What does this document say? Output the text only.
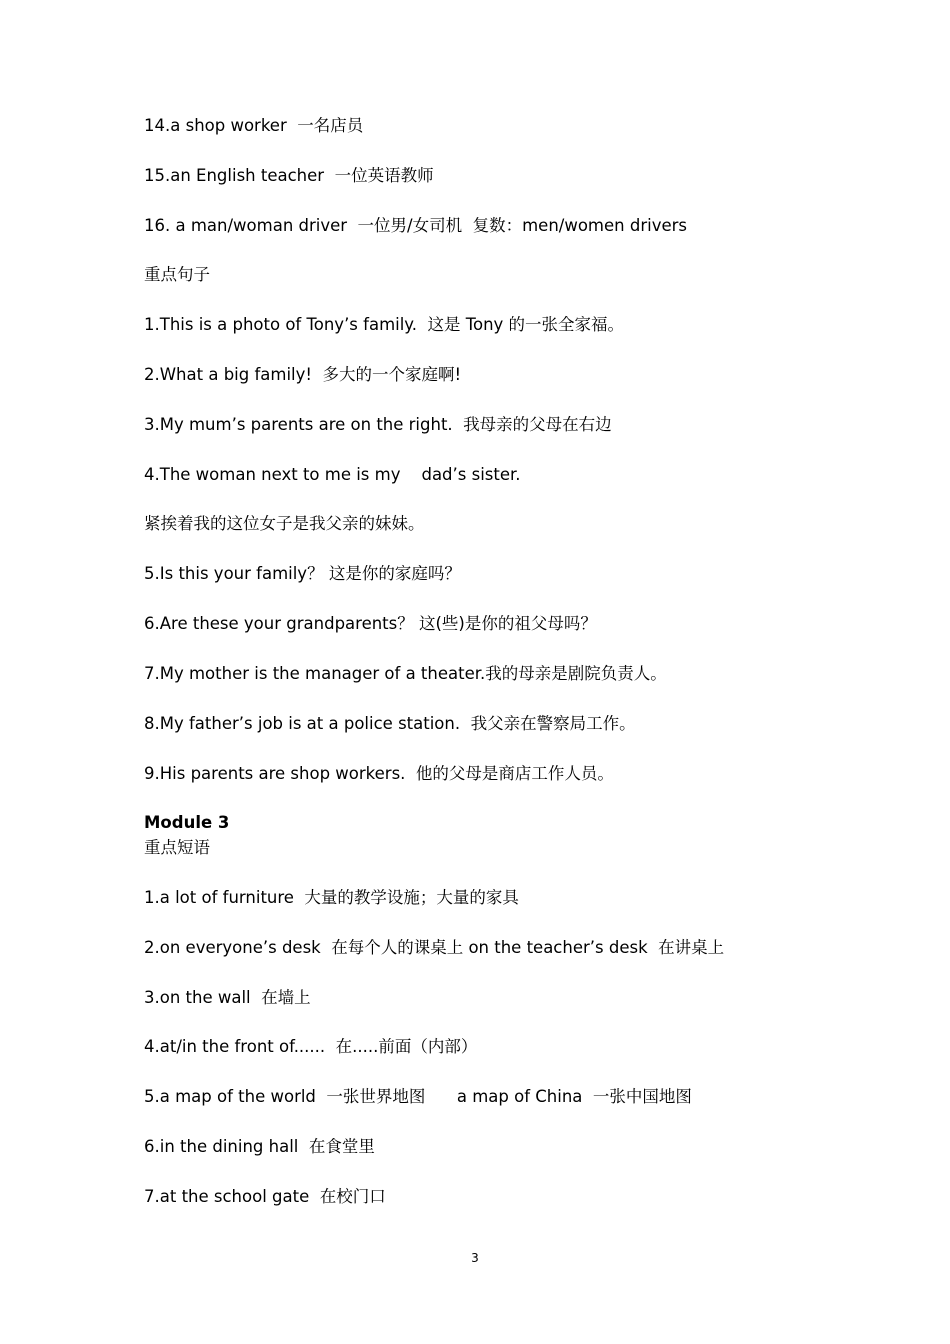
14.a shop worker  一名店员
15.an English teacher  一位英语教师
16. a man/woman driver  一位男/女司机  复数：men/women drivers
重点句子
1.This is a photo of Tony’s family.  这是 Tony 的一张全家福。
2.What a big family!  多大的一个家庭啊!
3.My mum’s parents are on the right.  我母亲的父母在右边
4.The woman next to me is my    dad’s sister.
紧挨着我的这位女子是我父亲的妹妹。
5.Is this your family？ 这是你的家庭吗？
6.Are these your grandparents？ 这(些)是你的祖父母吗？
7.My mother is the manager of a theater.我的母亲是剧院负责人。
8.My father’s job is at a police station.  我父亲在警察局工作。
9.His parents are shop workers.  他的父母是商店工作人员。
Module 3
重点短语
1.a lot of furniture  大量的教学设施；大量的家具
2.on everyone’s desk  在每个人的课桌上 on the teacher’s desk  在讲桌上
3.on the wall  在墙上
4.at/in the front of......  在.....前面（内部）
5.a map of the world  一张世界地图      a map of China  一张中国地图
6.in the dining hall  在食堂里
7.at the school gate  在校门口
3
